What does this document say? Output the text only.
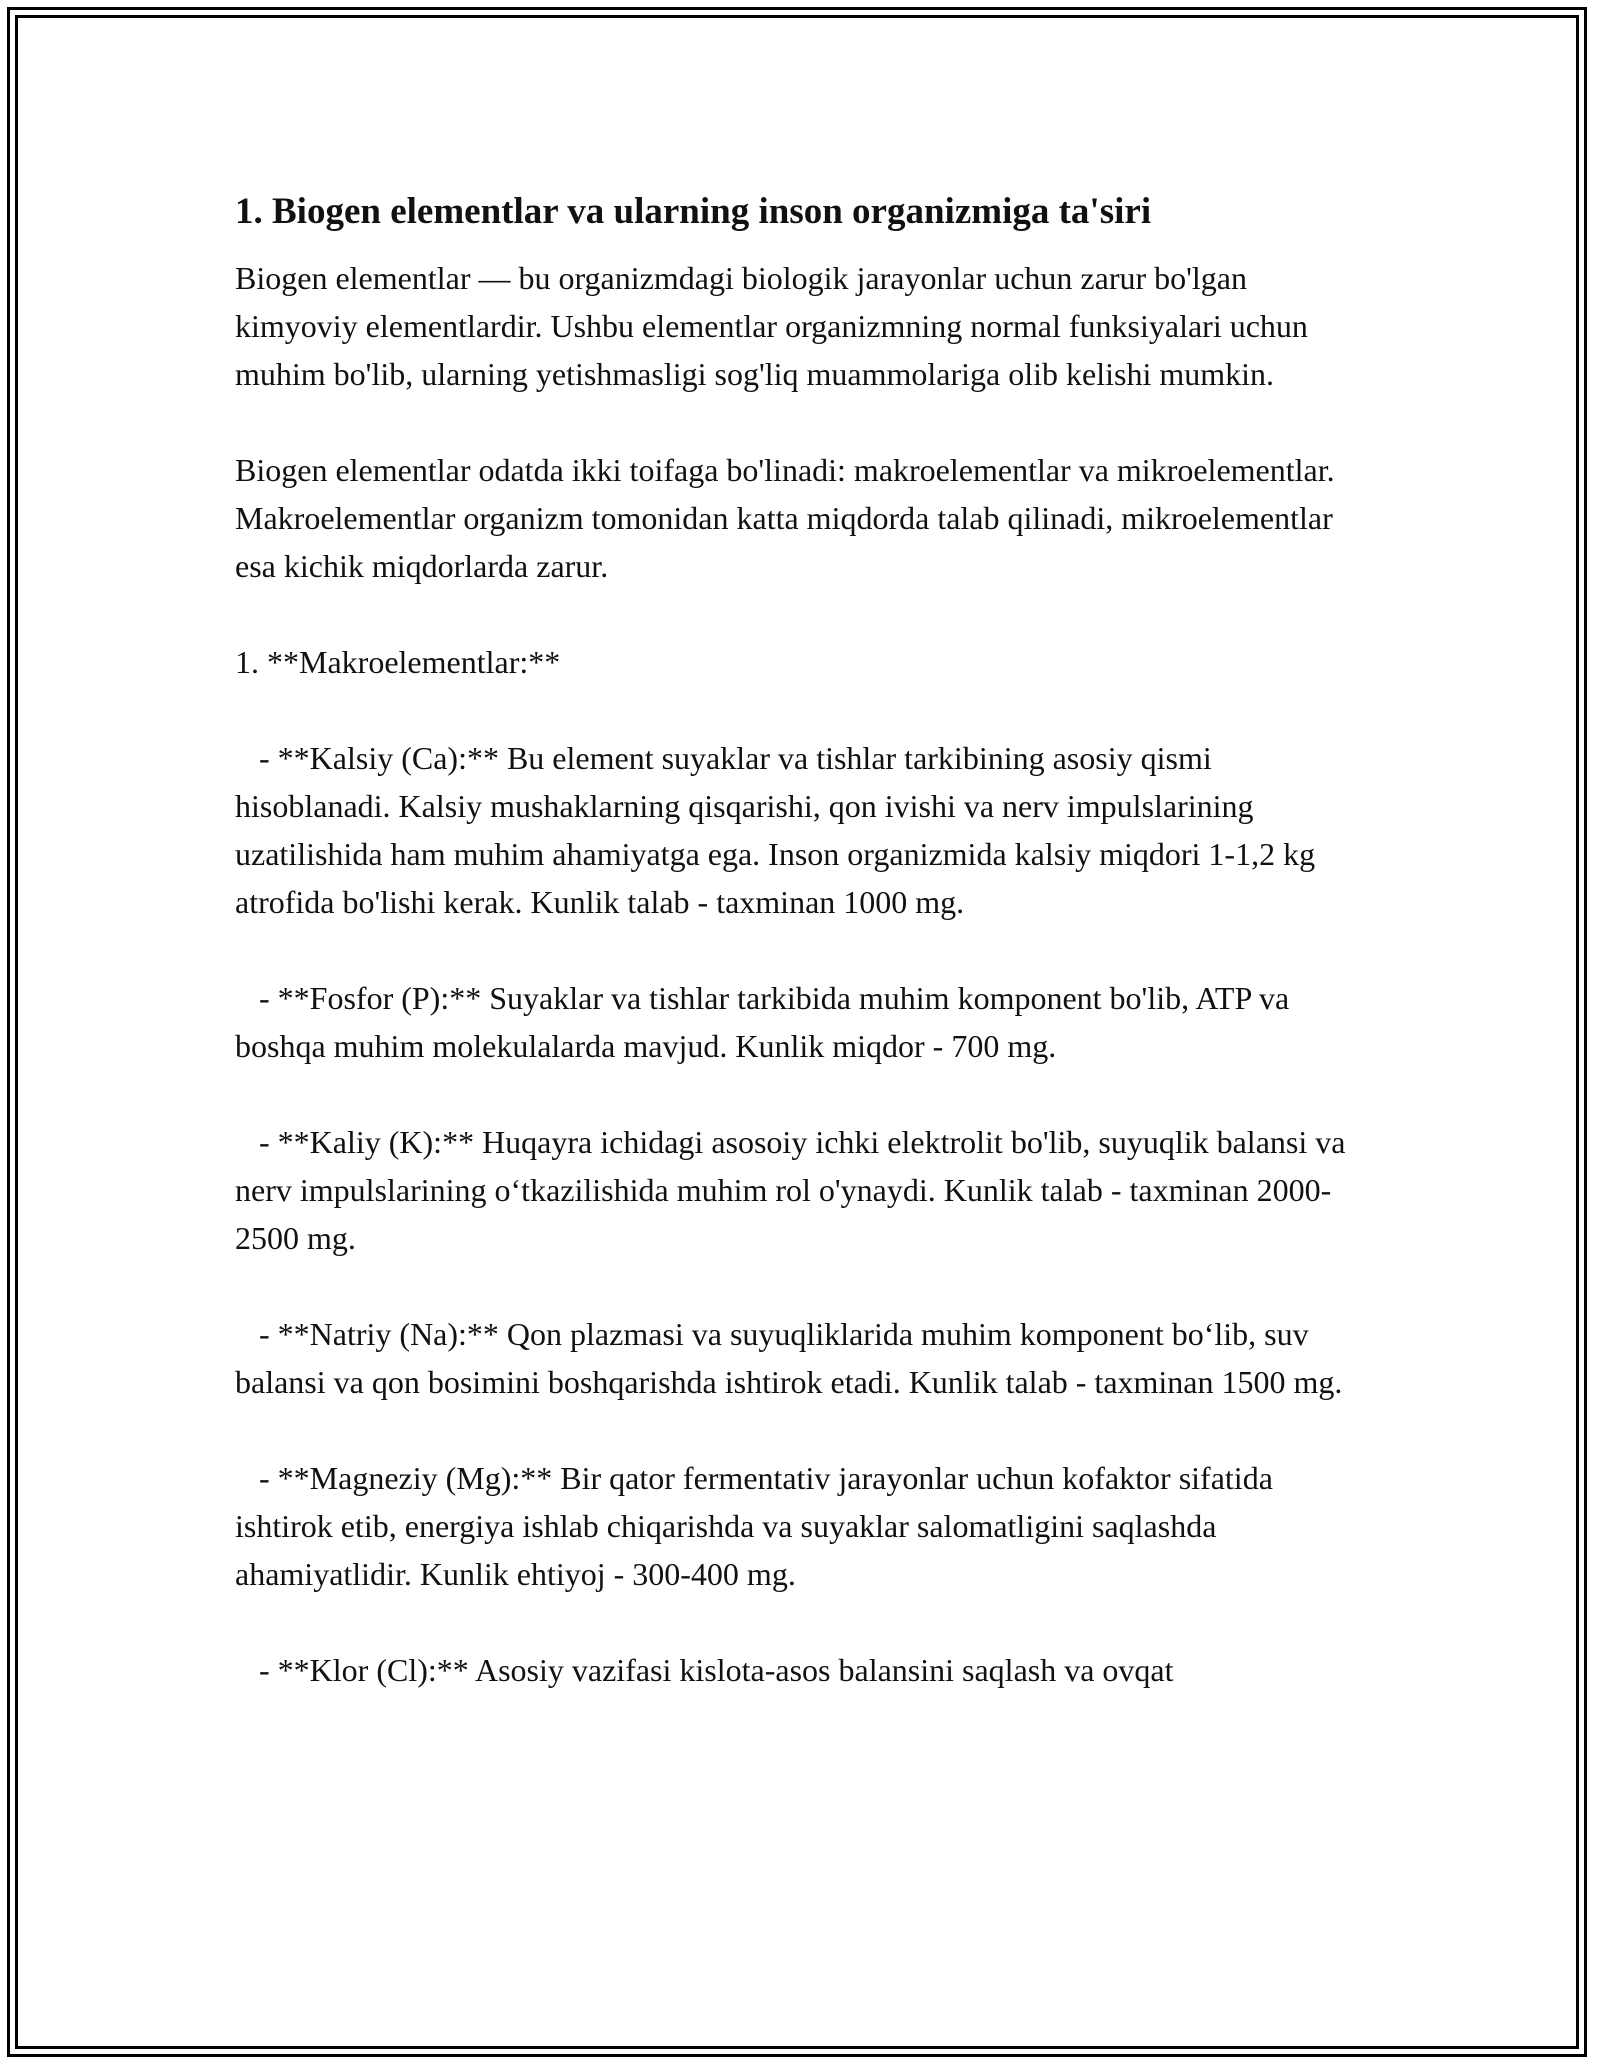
1. Biogen elementlar va ularning inson organizmiga ta'siri

Biogen elementlar — bu organizmdagi biologik jarayonlar uchun zarur bo'lgan kimyoviy elementlardir. Ushbu elementlar organizmning normal funksiyalari uchun muhim bo'lib, ularning yetishmasligi sog'liq muammolariga olib kelishi mumkin.

Biogen elementlar odatda ikki toifaga bo'linadi: makroelementlar va mikroelementlar. Makroelementlar organizm tomonidan katta miqdorda talab qilinadi, mikroelementlar esa kichik miqdorlarda zarur.

1. **Makroelementlar:**

- **Kalsiy (Ca):** Bu element suyaklar va tishlar tarkibining asosiy qismi hisoblanadi. Kalsiy mushaklarning qisqarishi, qon ivishi va nerv impulslarining uzatilishida ham muhim ahamiyatga ega. Inson organizmida kalsiy miqdori 1-1,2 kg atrofida bo'lishi kerak. Kunlik talab - taxminan 1000 mg.

- **Fosfor (P):** Suyaklar va tishlar tarkibida muhim komponent bo'lib, ATP va boshqa muhim molekulalarda mavjud. Kunlik miqdor - 700 mg.

- **Kaliy (K):** Huqayra ichidagi asosoiy ichki elektrolit bo'lib, suyuqlik balansi va nerv impulslarining o‘tkazilishida muhim rol o'ynaydi. Kunlik talab - taxminan 2000-2500 mg.

- **Natriy (Na):** Qon plazmasi va suyuqliklarida muhim komponent bo‘lib, suv balansi va qon bosimini boshqarishda ishtirok etadi. Kunlik talab - taxminan 1500 mg.

- **Magneziy (Mg):** Bir qator fermentativ jarayonlar uchun kofaktor sifatida ishtirok etib, energiya ishlab chiqarishda va suyaklar salomatligini saqlashda ahamiyatlidir. Kunlik ehtiyoj - 300-400 mg.

- **Klor (Cl):** Asosiy vazifasi kislota-asos balansini saqlash va ovqat
